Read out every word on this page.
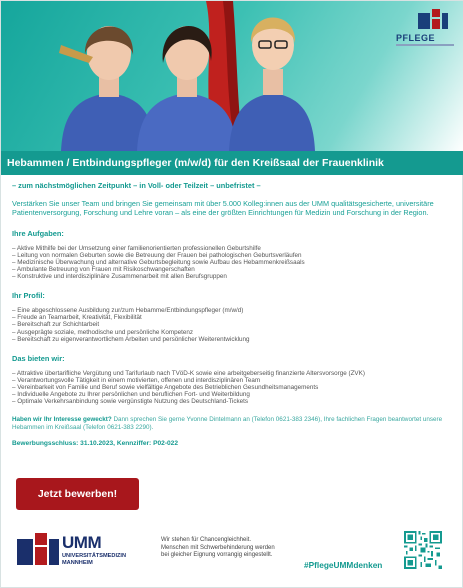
PFLEGE
Hebammen / Entbindungspfleger (m/w/d) für den Kreißsaal der Frauenklinik
– zum nächstmöglichen Zeitpunkt – in Voll- oder Teilzeit – unbefristet –

Verstärken Sie unser Team und bringen Sie gemeinsam mit über 5.000 Kolleg:innen aus der UMM qualitätsgesicherte, universitäre Patientenversorgung, Forschung und Lehre voran – als eine der größten Einrichtungen für Medizin und Forschung in der Region.

Ihre Aufgaben:
– Aktive Mithilfe bei der Umsetzung einer familienorientierten professionellen Geburtshilfe
– Leitung von normalen Geburten sowie die Betreuung der Frauen bei pathologischen Geburtsverläufen
– Medizinische Überwachung und alternative Geburtsbegleitung sowie Aufbau des Hebammenkreißsaals
– Ambulante Betreuung von Frauen mit Risikoschwangerschaften
– Konstruktive und interdisziplinäre Zusammenarbeit mit allen Berufsgruppen
Ihr Profil:
– Eine abgeschlossene Ausbildung zur/zum Hebamme/Entbindungspfleger (m/w/d)
– Freude an Teamarbeit, Kreativität, Flexibilität
– Bereitschaft zur Schichtarbeit
– Ausgeprägte soziale, methodische und persönliche Kompetenz
– Bereitschaft zu eigenverantwortlichem Arbeiten und persönlicher Weiterentwicklung
Das bieten wir:
– Attraktive übertarifliche Vergütung und Tarifurlaub nach TVöD-K sowie eine arbeitgeberseitig finanzierte Altersvorsorge (ZVK)
– Verantwortungsvolle Tätigkeit in einem motivierten, offenen und interdisziplinären Team
– Vereinbarkeit von Familie und Beruf sowie vielfältige Angebote des Betrieblichen Gesundheitsmanagements
– Individuelle Angebote zu Ihrer persönlichen und beruflichen Fort- und Weiterbildung
– Optimale Verkehrsanbindung sowie vergünstigte Nutzung des Deutschland-Tickets

Haben wir Ihr Interesse geweckt? Dann sprechen Sie gerne Yvonne Dintelmann an (Telefon 0621-383 2346), Ihre fachlichen Fragen beantwortet unsere Hebammen im Kreißsaal (Telefon 0621-383 2290).

Bewerbungsschluss: 31.10.2023, Kennziffer: P02-022
Jetzt bewerben!
UMM
UNIVERSITÄTSMEDIZIN
MANNHEIM
Wir stehen für Chancengleichheit.
Menschen mit Schwerbehinderung werden
bei gleicher Eignung vorrangig eingestellt.
#PflegeUMMdenken
